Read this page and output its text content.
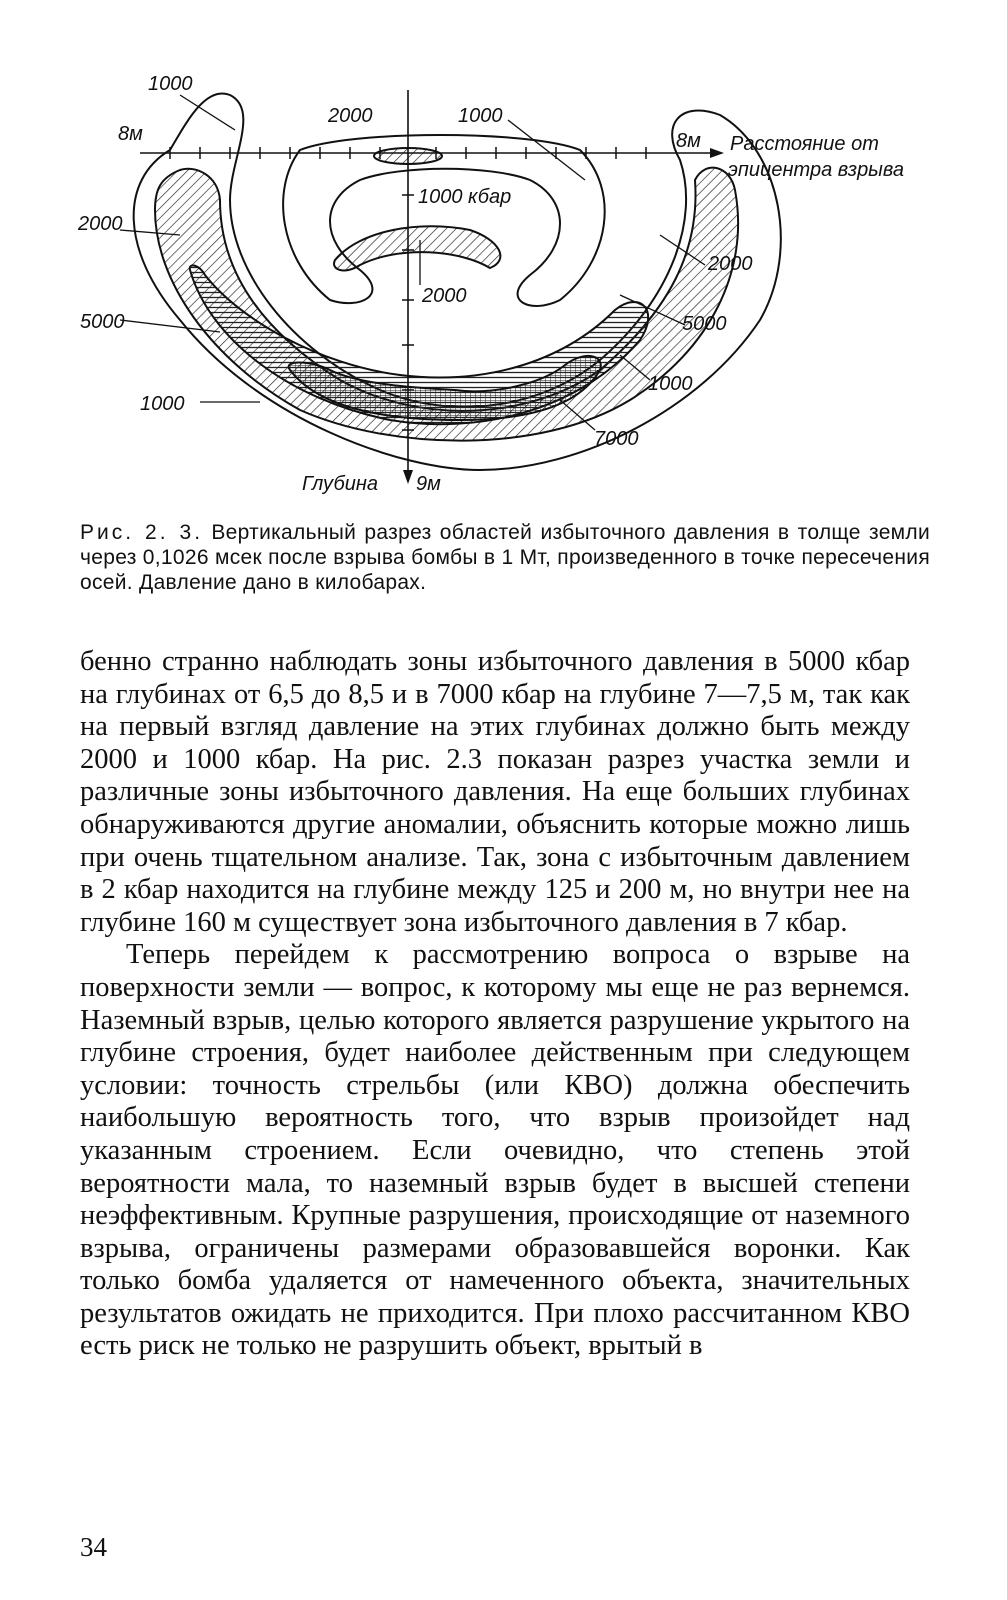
1000
8м
2000	1000
8м Расстояние от
эпицентра взрыва
1000 кбар
2000
2000
2000
5000	5000
1000
1000
7000
Глубина 9м

Рис. 2. 3. Вертикальный разрез областей избыточного давления в толще земли через 0,1026 мсек после взрыва бомбы в 1 Мт, произведенного в точке пересечения осей. Давление дано в килобарах.

бенно странно наблюдать зоны избыточного давления в 5000 кбар на глубинах от 6,5 до 8,5 и в 7000 кбар на глубине 7—7,5 м, так как на первый взгляд давление на этих глубинах должно быть между 2000 и 1000 кбар. На рис. 2.3 показан разрез участка земли и различные зоны избыточного давления. На еще больших глубинах обнаруживаются другие аномалии, объяснить которые можно лишь при очень тщательном анализе. Так, зона с избыточным давлением в 2 кбар находится на глубине между 125 и 200 м, но внутри нее на глубине 160 м существует зона избыточного давления в 7 кбар.

Теперь перейдем к рассмотрению вопроса о взрыве на поверхности земли — вопрос, к которому мы еще не раз вернемся. Наземный взрыв, целью которого является разрушение укрытого на глубине строения, будет наиболее действенным при следующем условии: точность стрельбы (или КВО) должна обеспечить наибольшую вероятность того, что взрыв произойдет над указанным строением. Если очевидно, что степень этой вероятности мала, то наземный взрыв будет в высшей степени неэффективным. Крупные разрушения, происходящие от наземного взрыва, ограничены размерами образовавшейся воронки. Как только бомба удаляется от намеченного объекта, значительных результатов ожидать не приходится. При плохо рассчитанном КВО есть риск не только не разрушить объект, врытый в

34
